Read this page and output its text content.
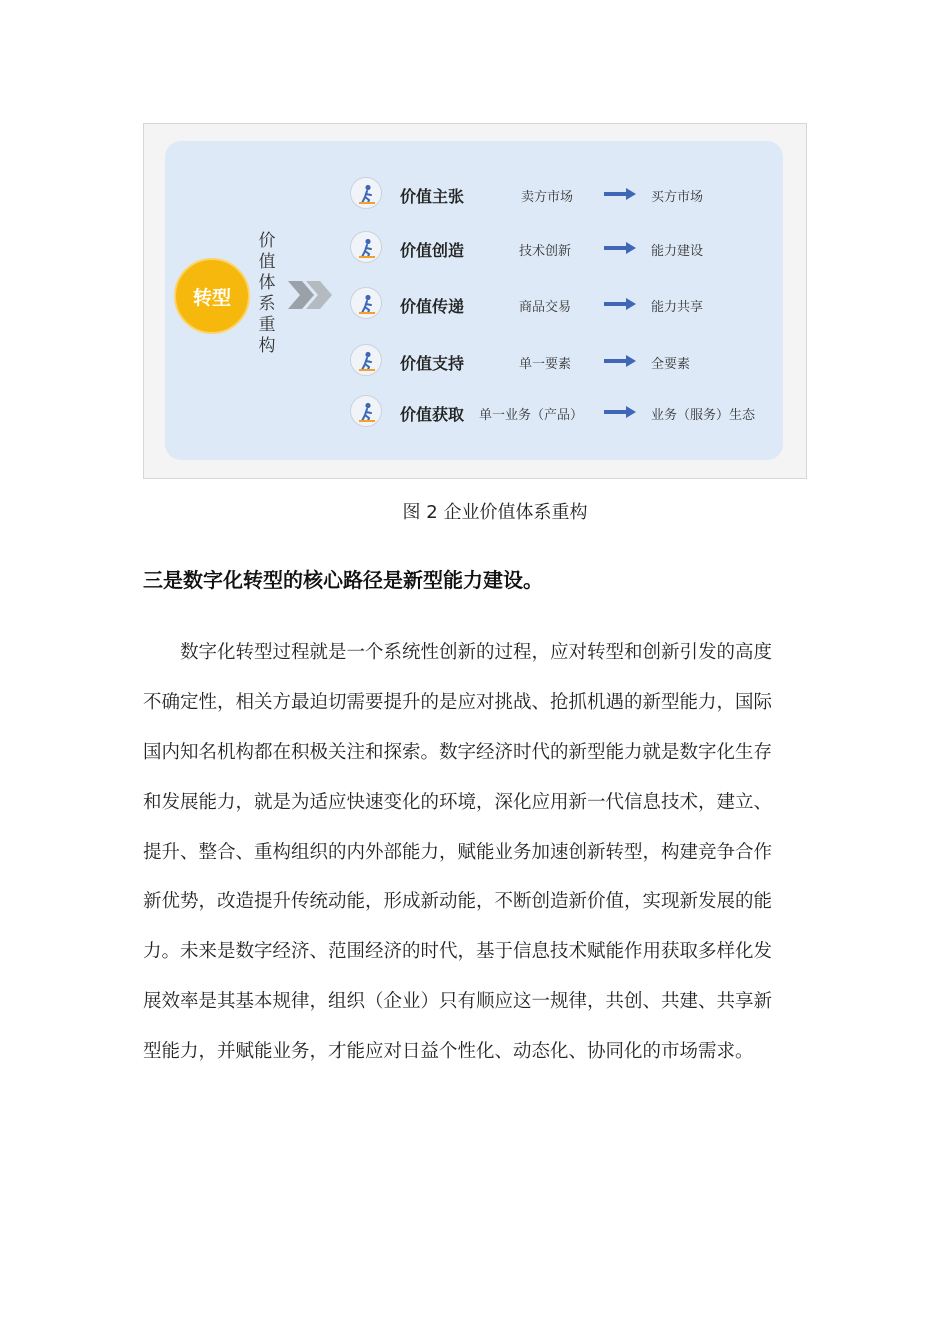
转型
价
值
体
系
重
构
价值主张	卖方市场	买方市场
价值创造	技术创新	能力建设
价值传递	商品交易	能力共享
价值支持	单一要素	全要素
价值获取 单一业务（产品）	业务（服务）生态
图 2 企业价值体系重构
三是数字化转型的核心路径是新型能力建设。
　　数字化转型过程就是一个系统性创新的过程，应对转型和创新引发的高度
不确定性，相关方最迫切需要提升的是应对挑战、抢抓机遇的新型能力，国际
国内知名机构都在积极关注和探索。数字经济时代的新型能力就是数字化生存
和发展能力，就是为适应快速变化的环境，深化应用新一代信息技术，建立、
提升、整合、重构组织的内外部能力，赋能业务加速创新转型，构建竞争合作
新优势，改造提升传统动能，形成新动能，不断创造新价值，实现新发展的能
力。未来是数字经济、范围经济的时代，基于信息技术赋能作用获取多样化发
展效率是其基本规律，组织（企业）只有顺应这一规律，共创、共建、共享新
型能力，并赋能业务，才能应对日益个性化、动态化、协同化的市场需求。
